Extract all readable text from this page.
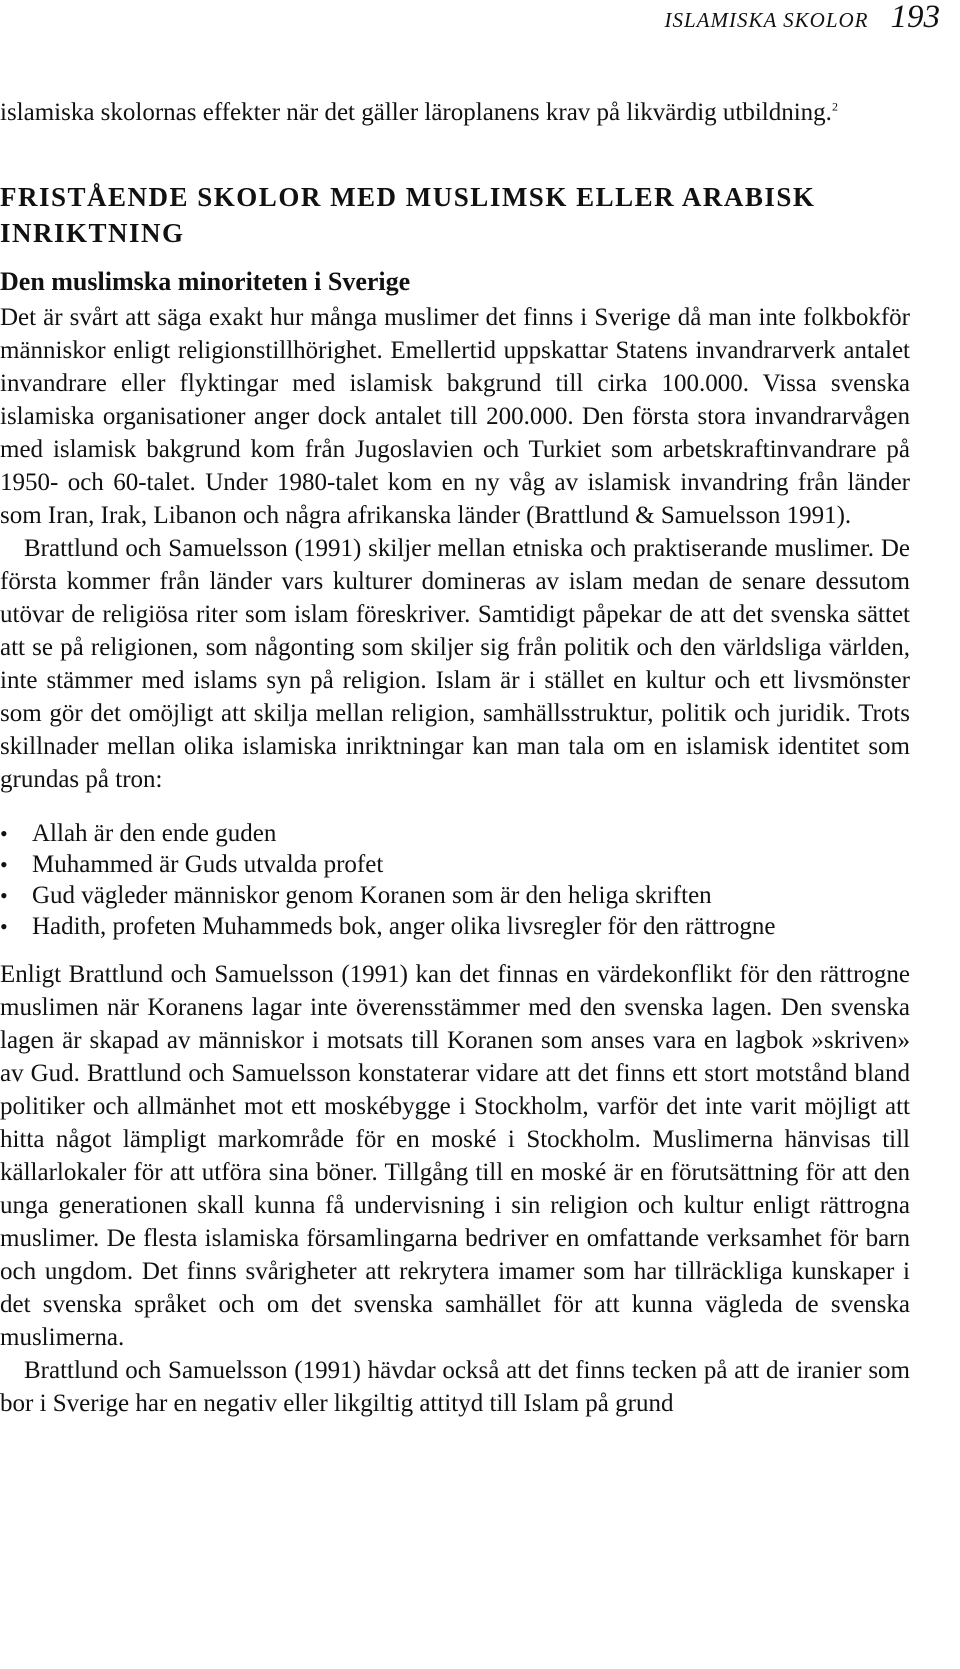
ISLAMISKA SKOLOR 193

islamiska skolornas effekter när det gäller läroplanens krav på likvärdig utbildning.$^2$

FRISTÅENDE SKOLOR MED MUSLIMSK ELLER ARABISK INRIKTNING
Den muslimska minoriteten i Sverige

Det är svårt att säga exakt hur många muslimer det finns i Sverige då man inte folkbokför människor enligt religionstillhörighet. Emellertid uppskattar Statens invandrarverk antalet invandrare eller flyktingar med islamisk bakgrund till cirka 100.000. Vissa svenska islamiska organisationer anger dock antalet till 200.000. Den första stora invandrarvågen med islamisk bakgrund kom från Jugoslavien och Turkiet som arbetskraftinvandrare på 1950- och 60-talet. Under 1980-talet kom en ny våg av islamisk invandring från länder som Iran, Irak, Libanon och några afrikanska länder (Brattlund & Samuelsson 1991).

Brattlund och Samuelsson (1991) skiljer mellan etniska och praktiserande muslimer. De första kommer från länder vars kulturer domineras av islam medan de senare dessutom utövar de religiösa riter som islam föreskriver. Samtidigt påpekar de att det svenska sättet att se på religionen, som någonting som skiljer sig från politik och den världsliga världen, inte stämmer med islams syn på religion. Islam är i stället en kultur och ett livsmönster som gör det omöjligt att skilja mellan religion, samhällsstruktur, politik och juridik. Trots skillnader mellan olika islamiska inriktningar kan man tala om en islamisk identitet som grundas på tron:

• Allah är den ende guden
• Muhammed är Guds utvalda profet
• Gud vägleder människor genom Koranen som är den heliga skriften
• Hadith, profeten Muhammeds bok, anger olika livsregler för den rättrogne

Enligt Brattlund och Samuelsson (1991) kan det finnas en värdekonflikt för den rättrogne muslimen när Koranens lagar inte överensstämmer med den svenska lagen. Den svenska lagen är skapad av människor i motsats till Koranen som anses vara en lagbok »skriven» av Gud. Brattlund och Samuelsson konstaterar vidare att det finns ett stort motstånd bland politiker och allmänhet mot ett moskébygge i Stockholm, varför det inte varit möjligt att hitta något lämpligt markområde för en moské i Stockholm. Muslimerna hänvisas till källarlokaler för att utföra sina böner. Tillgång till en moské är en förutsättning för att den unga generationen skall kunna få undervisning i sin religion och kultur enligt rättrogna muslimer. De flesta islamiska församlingarna bedriver en omfattande verksamhet för barn och ungdom. Det finns svårigheter att rekrytera imamer som har tillräckliga kunskaper i det svenska språket och om det svenska samhället för att kunna vägleda de svenska muslimerna.

Brattlund och Samuelsson (1991) hävdar också att det finns tecken på att de iranier som bor i Sverige har en negativ eller likgiltig attityd till Islam på grund
